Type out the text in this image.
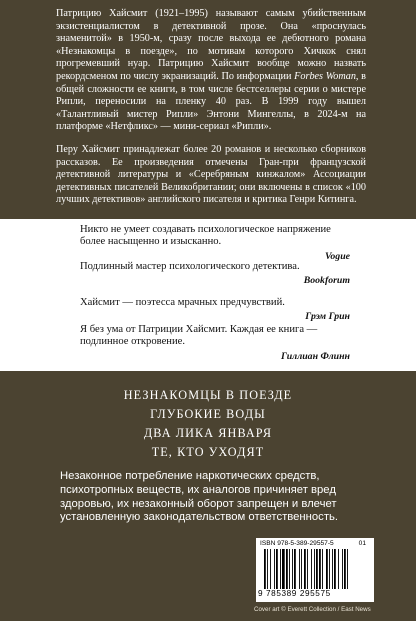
Патрицию Хайсмит (1921–1995) называют самым убийственным экзистенциалистом в детективной прозе. Она «проснулась знаменитой» в 1950-м, сразу после выхода ее дебютного романа «Незнакомцы в поезде», по мотивам которого Хичкок снял прогремевший нуар. Патрицию Хайсмит вообще можно назвать рекордсменом по числу экранизаций. По информации Forbes Woman, в общей сложности ее книги, в том числе бестселлеры серии о мистере Рипли, переносили на пленку 40 раз. В 1999 году вышел «Талантливый мистер Рипли» Энтони Мингеллы, в 2024-м на платформе «Нетфликс» — мини-сериал «Рипли».

Перу Хайсмит принадлежат более 20 романов и несколько сборников рассказов. Ее произведения отмечены Гран-при французской детективной литературы и «Серебряным кинжалом» Ассоциации детективных писателей Великобритании; они включены в список «100 лучших детективов» английского писателя и критика Генри Китинга.

Никто не умеет создавать психологическое напряжение более насыщенно и изысканно.
Vogue
Подлинный мастер психологического детектива.
Bookforum
Хайсмит — поэтесса мрачных предчувствий.
Грэм Грин
Я без ума от Патриции Хайсмит. Каждая ее книга — подлинное откровение.
Гиллиан Флинн
НЕЗНАКОМЦЫ В ПОЕЗДЕ
ГЛУБОКИЕ ВОДЫ
ДВА ЛИКА ЯНВАРЯ
ТЕ, КТО УХОДЯТ
Незаконное потребление наркотических средств, психотропных веществ, их аналогов причиняет вред здоровью, их незаконный оборот запрещен и влечет установленную законодательством ответственность.
ISBN 978-5-389-29557-5	01
9 785389 295575
Cover art © Everett Collection / East News
